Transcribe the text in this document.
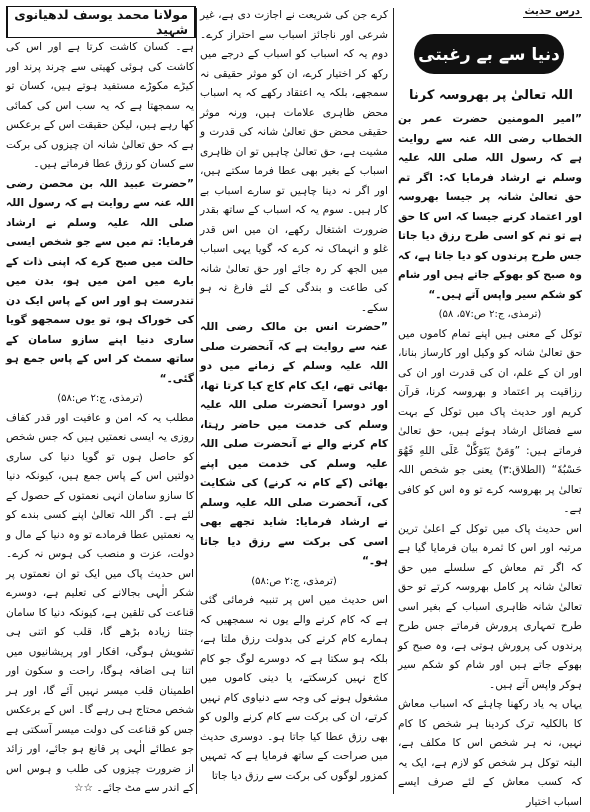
درس حدیث
دنیا سے بے رغبتی
اللہ تعالیٰ پر بھروسہ کرنا
مولانا محمد یوسف لدھیانوی شہید

”امیر المومنین حضرت عمر بن الخطاب رضی اللہ عنہ سے روایت ہے کہ رسول اللہ صلی اللہ علیہ وسلم نے ارشاد فرمایا کہ: اگر تم حق تعالیٰ شانہ پر جیسا بھروسہ اور اعتماد کرنے جیسا کہ اس کا حق ہے تو تم کو اسی طرح رزق دیا جاتا جس طرح پرندوں کو دیا جاتا ہے، کہ وہ صبح کو بھوکے جاتے ہیں اور شام کو شکم سیر واپس آتے ہیں۔“

(ترمذی، ج:۲ ص:۵۷، ۵۸)

توکل کے معنی ہیں اپنے تمام کاموں میں حق تعالیٰ شانہ کو وکیل اور کارساز بنانا، اور ان کے علم، ان کی قدرت اور ان کی رزاقیت پر اعتماد و بھروسہ کرنا، قرآن کریم اور حدیث پاک میں توکل کے بہت سے فضائل ارشاد ہوئے ہیں، حق تعالیٰ فرماتے ہیں: ”وَمَنْ يَتَوَكَّلْ عَلَى اللهِ فَهُوَ حَسْبُهٗ“ (الطلاق:۳) یعنی جو شخص اللہ تعالیٰ پر بھروسہ کرے تو وہ اس کو کافی ہے۔

اس حدیث پاک میں توکل کے اعلیٰ ترین مرتبہ اور اس کا ثمرہ بیان فرمایا گیا ہے کہ اگر تم معاش کے سلسلے میں حق تعالیٰ شانہ پر کامل بھروسہ کرتے تو حق تعالیٰ شانہ ظاہری اسباب کے بغیر اسی طرح تمہاری پرورش فرماتے جس طرح پرندوں کی پرورش ہوتی ہے، وہ صبح کو بھوکے جاتے ہیں اور شام کو شکم سیر ہوکر واپس آتے ہیں۔

یہاں یہ یاد رکھنا چاہئے کہ اسباب معاش کا بالکلیہ ترک کردینا ہر شخص کا کام نہیں، نہ ہر شخص اس کا مکلف ہے، البتہ توکل ہر شخص کو لازم ہے، ایک یہ کہ کسب معاش کے لئے صرف ایسے اسباب اختیار

کرے جن کی شریعت نے اجازت دی ہے، غیر شرعی اور ناجائز اسباب سے احتراز کرے۔ دوم یہ کہ اسباب کو اسباب کے درجے میں رکھ کر اختیار کرے، ان کو موثر حقیقی نہ سمجھے، بلکہ یہ اعتقاد رکھے کہ یہ اسباب محض ظاہری علامات ہیں، ورنہ موثر حقیقی محض حق تعالیٰ شانہ کی قدرت و مشیت ہے، حق تعالیٰ چاہیں تو ان ظاہری اسباب کے بغیر بھی عطا فرما سکتے ہیں، اور اگر نہ دینا چاہیں تو سارے اسباب بے کار ہیں۔ سوم یہ کہ اسباب کے ساتھ بقدر ضرورت اشتغال رکھے، ان میں اس قدر غلو و انہماک نہ کرے کہ گویا یہی اسباب میں الجھ کر رہ جائے اور حق تعالیٰ شانہ کی طاعت و بندگی کے لئے فارغ نہ ہو سکے۔

”حضرت انس بن مالک رضی اللہ عنہ سے روایت ہے کہ آنحضرت صلی اللہ علیہ وسلم کے زمانے میں دو بھائی تھے، ایک کام کاج کیا کرتا تھا، اور دوسرا آنحضرت صلی اللہ علیہ وسلم کی خدمت میں حاضر رہتا، کام کرنے والے نے آنحضرت صلی اللہ علیہ وسلم کی خدمت میں اپنے بھائی (کے کام نہ کرنے) کی شکایت کی، آنحضرت صلی اللہ علیہ وسلم نے ارشاد فرمایا: شاید تجھے بھی اسی کی برکت سے رزق دیا جاتا ہو۔“

(ترمذی، ج:۲ ص:۵۸)

اس حدیث میں اس پر تنبیہ فرمائی گئی ہے کہ کام کرنے والے یوں نہ سمجھیں کہ ہمارے کام کرنے کی بدولت رزق ملتا ہے، بلکہ ہو سکتا ہے کہ دوسرے لوگ جو کام کاج نہیں کرسکتے، یا دینی کاموں میں مشغول ہونے کی وجہ سے دنیاوی کام نہیں کرتے، ان کی برکت سے کام کرنے والوں کو بھی رزق عطا کیا جاتا ہو۔ دوسری حدیث میں صراحت کے ساتھ فرمایا ہے کہ تمہیں کمزور لوگوں کی برکت سے رزق دیا جاتا

ہے۔ کسان کاشت کرتا ہے اور اس کی کاشت کی ہوئی کھیتی سے چرند پرند اور کیڑے مکوڑے مستفید ہوتے ہیں، کسان تو یہ سمجھتا ہے کہ یہ سب اس کی کمائی کھا رہے ہیں، لیکن حقیقت اس کے برعکس ہے کہ حق تعالیٰ شانہ ان چیزوں کی برکت سے کسان کو رزق عطا فرماتے ہیں۔

”حضرت عبید اللہ بن محصن رضی اللہ عنہ سے روایت ہے کہ رسول اللہ صلی اللہ علیہ وسلم نے ارشاد فرمایا: تم میں سے جو شخص ایسی حالت میں صبح کرے کہ اپنی ذات کے بارے میں امن میں ہو، بدن میں تندرست ہو اور اس کے پاس ایک دن کی خوراک ہو، تو یوں سمجھو گویا ساری دنیا اپنے سازو سامان کے ساتھ سمٹ کر اس کے پاس جمع ہو گئی۔“

(ترمذی، ج:۲ ص:۵۸)

مطلب یہ کہ امن و عافیت اور قدر کفاف روزی یہ ایسی نعمتیں ہیں کہ جس شخص کو حاصل ہوں تو گویا دنیا کی ساری دولتیں اس کے پاس جمع ہیں، کیونکہ دنیا کا سازو سامان انہی نعمتوں کے حصول کے لئے ہے۔ اگر اللہ تعالیٰ اپنے کسی بندے کو یہ نعمتیں عطا فرمادے تو وہ دنیا کے مال و دولت، عزت و منصب کی ہوس نہ کرے۔ اس حدیث پاک میں ایک تو ان نعمتوں پر شکر الٰہی بجالانے کی تعلیم ہے، دوسرے قناعت کی تلقین ہے، کیونکہ دنیا کا سامان جتنا زیادہ بڑھے گا، قلب کو اتنی ہی تشویش ہوگی، افکار اور پریشانیوں میں اتنا ہی اضافہ ہوگا، راحت و سکون اور اطمینان قلب میسر نہیں آئے گا، اور ہر شخص محتاج ہی رہے گا۔ اس کے برعکس جس کو قناعت کی دولت میسر آسکتی ہے جو عطائے الٰہی پر قانع ہو جائے، اور زائد از ضرورت چیزوں کی طلب و ہوس اس کے اندر سے مٹ جائے۔ ☆☆
